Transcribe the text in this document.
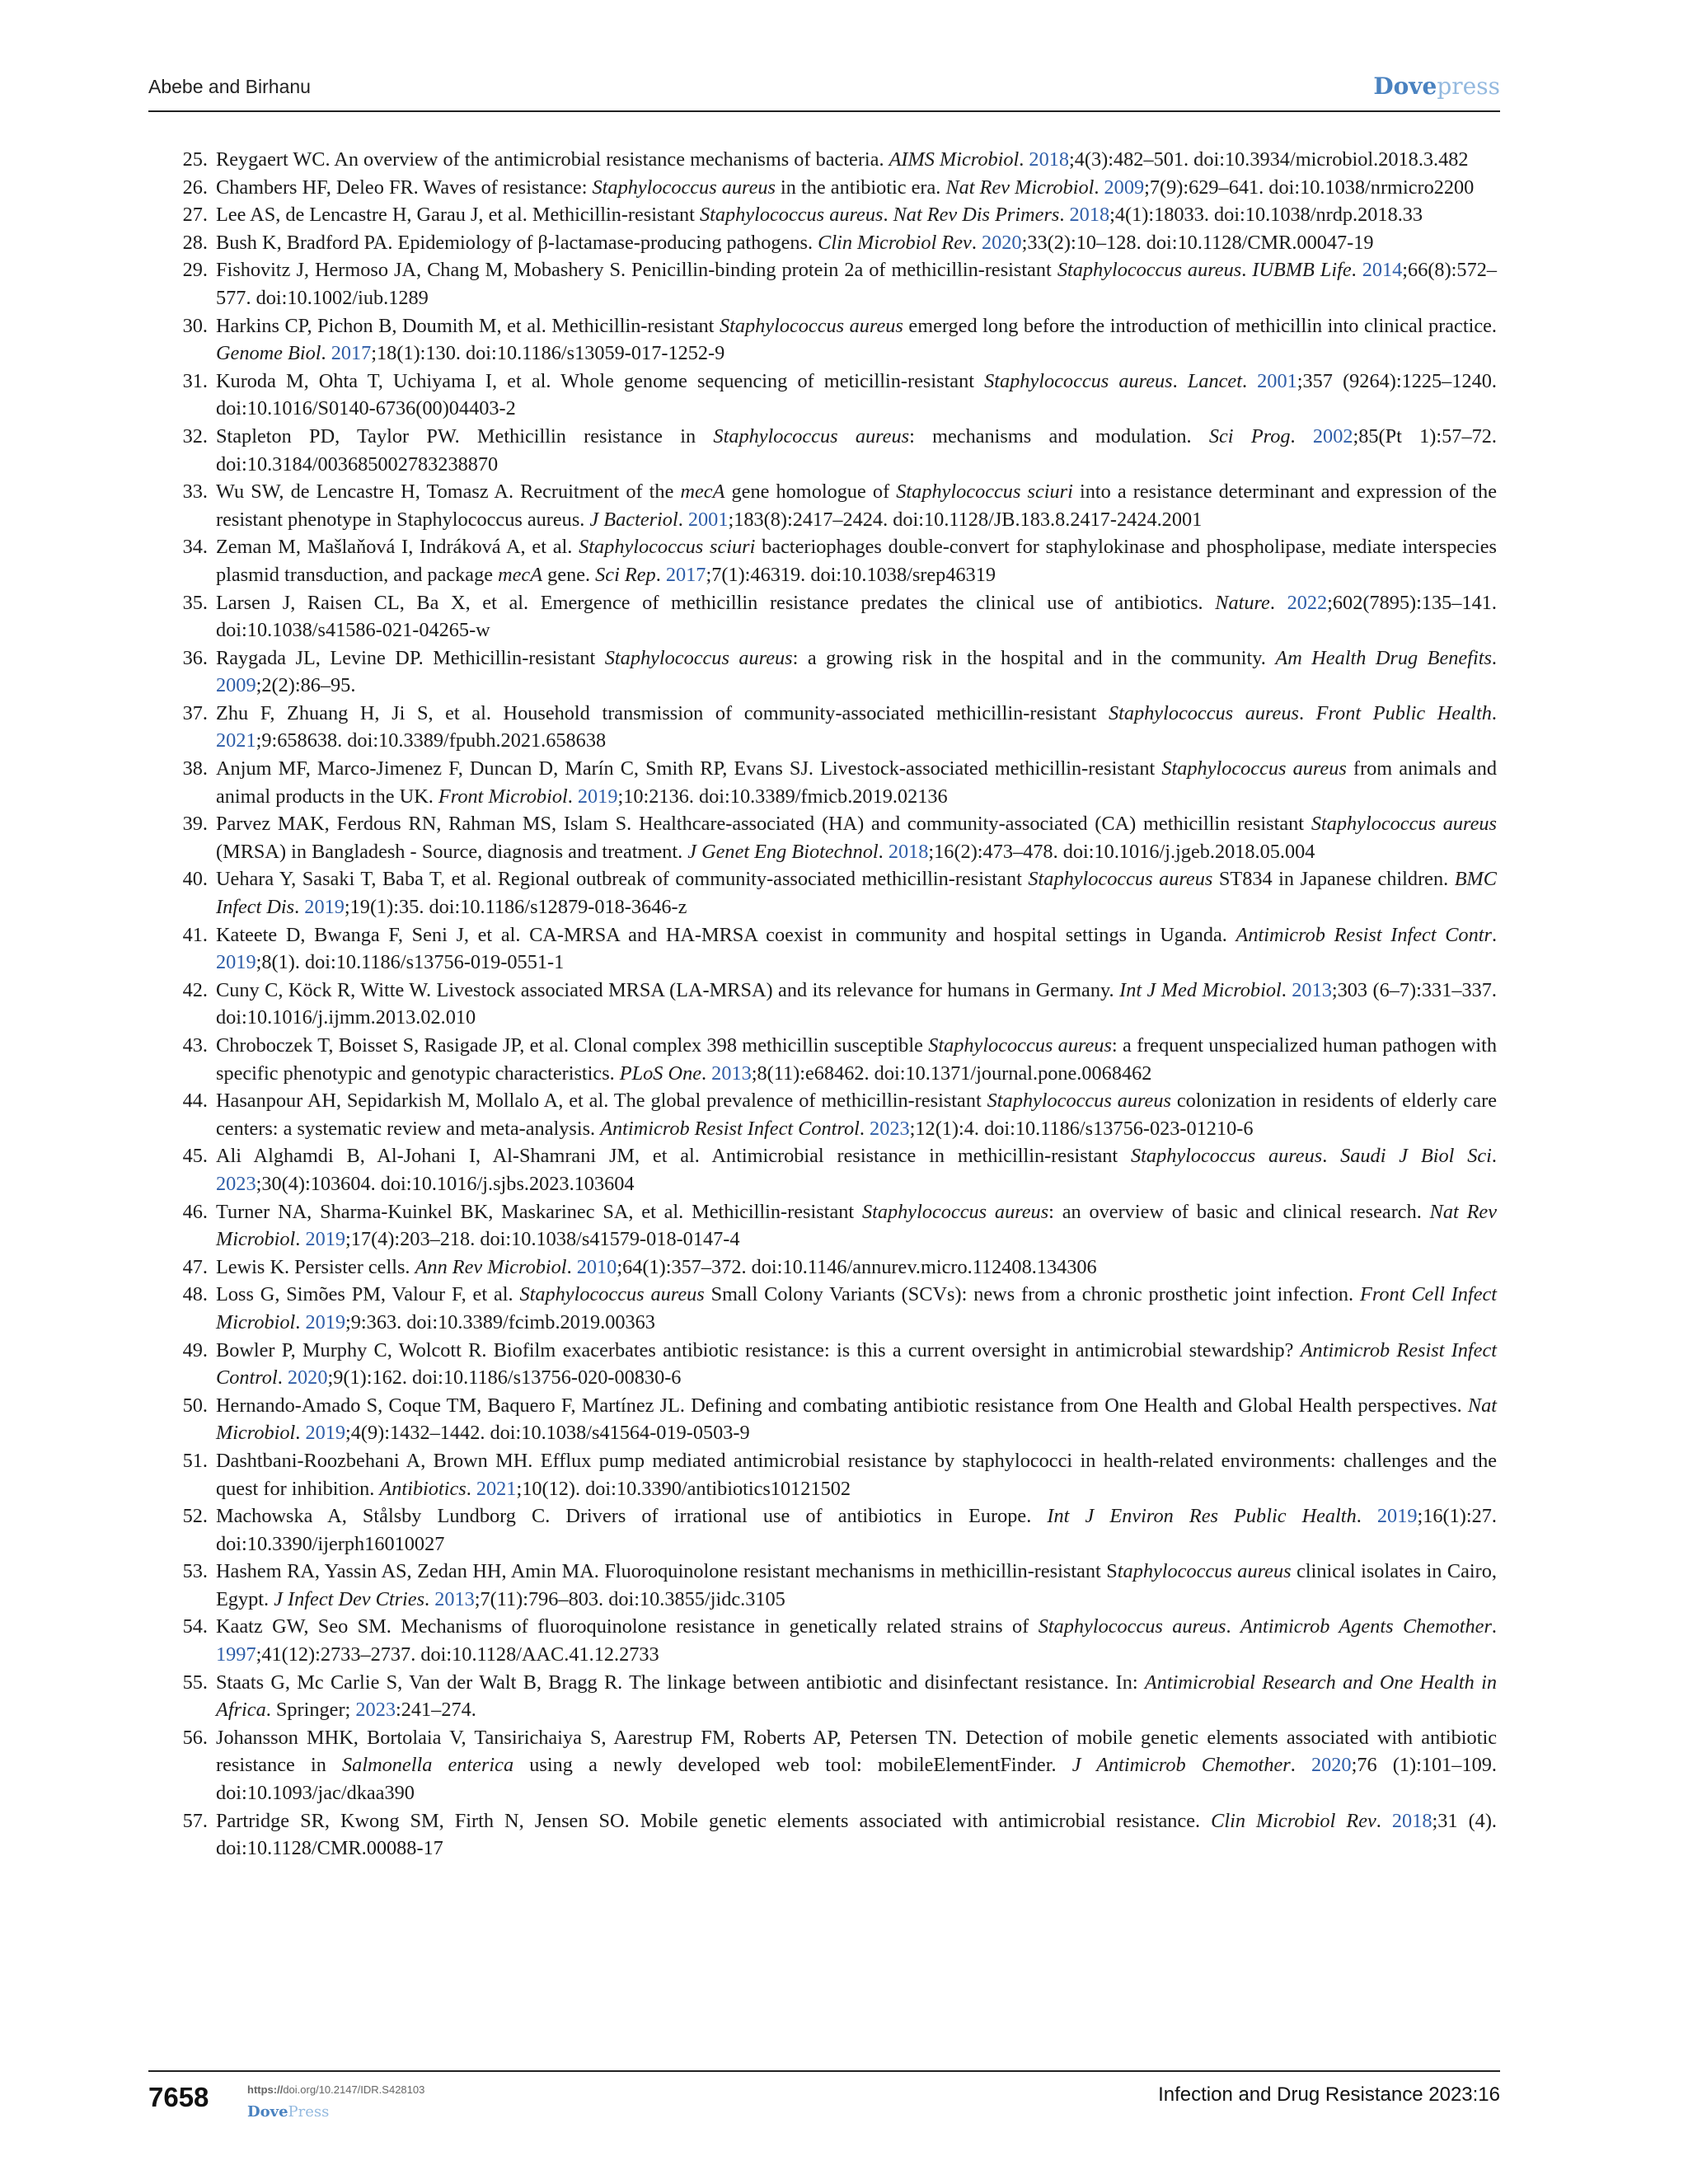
Abebe and Birhanu	Dovepress
25. Reygaert WC. An overview of the antimicrobial resistance mechanisms of bacteria. AIMS Microbiol. 2018;4(3):482–501. doi:10.3934/microbiol.2018.3.482
26. Chambers HF, Deleo FR. Waves of resistance: Staphylococcus aureus in the antibiotic era. Nat Rev Microbiol. 2009;7(9):629–641. doi:10.1038/nrmicro2200
27. Lee AS, de Lencastre H, Garau J, et al. Methicillin-resistant Staphylococcus aureus. Nat Rev Dis Primers. 2018;4(1):18033. doi:10.1038/nrdp.2018.33
28. Bush K, Bradford PA. Epidemiology of β-lactamase-producing pathogens. Clin Microbiol Rev. 2020;33(2):10–128. doi:10.1128/CMR.00047-19
29. Fishovitz J, Hermoso JA, Chang M, Mobashery S. Penicillin-binding protein 2a of methicillin-resistant Staphylococcus aureus. IUBMB Life. 2014;66(8):572–577. doi:10.1002/iub.1289
30. Harkins CP, Pichon B, Doumith M, et al. Methicillin-resistant Staphylococcus aureus emerged long before the introduction of methicillin into clinical practice. Genome Biol. 2017;18(1):130. doi:10.1186/s13059-017-1252-9
31. Kuroda M, Ohta T, Uchiyama I, et al. Whole genome sequencing of meticillin-resistant Staphylococcus aureus. Lancet. 2001;357 (9264):1225–1240. doi:10.1016/S0140-6736(00)04403-2
32. Stapleton PD, Taylor PW. Methicillin resistance in Staphylococcus aureus: mechanisms and modulation. Sci Prog. 2002;85(Pt 1):57–72. doi:10.3184/003685002783238870
33. Wu SW, de Lencastre H, Tomasz A. Recruitment of the mecA gene homologue of Staphylococcus sciuri into a resistance determinant and expression of the resistant phenotype in Staphylococcus aureus. J Bacteriol. 2001;183(8):2417–2424. doi:10.1128/JB.183.8.2417-2424.2001
34. Zeman M, Mašlaňová I, Indráková A, et al. Staphylococcus sciuri bacteriophages double-convert for staphylokinase and phospholipase, mediate interspecies plasmid transduction, and package mecA gene. Sci Rep. 2017;7(1):46319. doi:10.1038/srep46319
35. Larsen J, Raisen CL, Ba X, et al. Emergence of methicillin resistance predates the clinical use of antibiotics. Nature. 2022;602(7895):135–141. doi:10.1038/s41586-021-04265-w
36. Raygada JL, Levine DP. Methicillin-resistant Staphylococcus aureus: a growing risk in the hospital and in the community. Am Health Drug Benefits. 2009;2(2):86–95.
37. Zhu F, Zhuang H, Ji S, et al. Household transmission of community-associated methicillin-resistant Staphylococcus aureus. Front Public Health. 2021;9:658638. doi:10.3389/fpubh.2021.658638
38. Anjum MF, Marco-Jimenez F, Duncan D, Marín C, Smith RP, Evans SJ. Livestock-associated methicillin-resistant Staphylococcus aureus from animals and animal products in the UK. Front Microbiol. 2019;10:2136. doi:10.3389/fmicb.2019.02136
39. Parvez MAK, Ferdous RN, Rahman MS, Islam S. Healthcare-associated (HA) and community-associated (CA) methicillin resistant Staphylococcus aureus (MRSA) in Bangladesh - Source, diagnosis and treatment. J Genet Eng Biotechnol. 2018;16(2):473–478. doi:10.1016/j.jgeb.2018.05.004
40. Uehara Y, Sasaki T, Baba T, et al. Regional outbreak of community-associated methicillin-resistant Staphylococcus aureus ST834 in Japanese children. BMC Infect Dis. 2019;19(1):35. doi:10.1186/s12879-018-3646-z
41. Kateete D, Bwanga F, Seni J, et al. CA-MRSA and HA-MRSA coexist in community and hospital settings in Uganda. Antimicrob Resist Infect Contr. 2019;8(1). doi:10.1186/s13756-019-0551-1
42. Cuny C, Köck R, Witte W. Livestock associated MRSA (LA-MRSA) and its relevance for humans in Germany. Int J Med Microbiol. 2013;303 (6–7):331–337. doi:10.1016/j.ijmm.2013.02.010
43. Chroboczek T, Boisset S, Rasigade JP, et al. Clonal complex 398 methicillin susceptible Staphylococcus aureus: a frequent unspecialized human pathogen with specific phenotypic and genotypic characteristics. PLoS One. 2013;8(11):e68462. doi:10.1371/journal.pone.0068462
44. Hasanpour AH, Sepidarkish M, Mollalo A, et al. The global prevalence of methicillin-resistant Staphylococcus aureus colonization in residents of elderly care centers: a systematic review and meta-analysis. Antimicrob Resist Infect Control. 2023;12(1):4. doi:10.1186/s13756-023-01210-6
45. Ali Alghamdi B, Al-Johani I, Al-Shamrani JM, et al. Antimicrobial resistance in methicillin-resistant Staphylococcus aureus. Saudi J Biol Sci. 2023;30(4):103604. doi:10.1016/j.sjbs.2023.103604
46. Turner NA, Sharma-Kuinkel BK, Maskarinec SA, et al. Methicillin-resistant Staphylococcus aureus: an overview of basic and clinical research. Nat Rev Microbiol. 2019;17(4):203–218. doi:10.1038/s41579-018-0147-4
47. Lewis K. Persister cells. Ann Rev Microbiol. 2010;64(1):357–372. doi:10.1146/annurev.micro.112408.134306
48. Loss G, Simões PM, Valour F, et al. Staphylococcus aureus Small Colony Variants (SCVs): news from a chronic prosthetic joint infection. Front Cell Infect Microbiol. 2019;9:363. doi:10.3389/fcimb.2019.00363
49. Bowler P, Murphy C, Wolcott R. Biofilm exacerbates antibiotic resistance: is this a current oversight in antimicrobial stewardship? Antimicrob Resist Infect Control. 2020;9(1):162. doi:10.1186/s13756-020-00830-6
50. Hernando-Amado S, Coque TM, Baquero F, Martínez JL. Defining and combating antibiotic resistance from One Health and Global Health perspectives. Nat Microbiol. 2019;4(9):1432–1442. doi:10.1038/s41564-019-0503-9
51. Dashtbani-Roozbehani A, Brown MH. Efflux pump mediated antimicrobial resistance by staphylococci in health-related environments: challenges and the quest for inhibition. Antibiotics. 2021;10(12). doi:10.3390/antibiotics10121502
52. Machowska A, Stålsby Lundborg C. Drivers of irrational use of antibiotics in Europe. Int J Environ Res Public Health. 2019;16(1):27. doi:10.3390/ijerph16010027
53. Hashem RA, Yassin AS, Zedan HH, Amin MA. Fluoroquinolone resistant mechanisms in methicillin-resistant Staphylococcus aureus clinical isolates in Cairo, Egypt. J Infect Dev Ctries. 2013;7(11):796–803. doi:10.3855/jidc.3105
54. Kaatz GW, Seo SM. Mechanisms of fluoroquinolone resistance in genetically related strains of Staphylococcus aureus. Antimicrob Agents Chemother. 1997;41(12):2733–2737. doi:10.1128/AAC.41.12.2733
55. Staats G, Mc Carlie S, Van der Walt B, Bragg R. The linkage between antibiotic and disinfectant resistance. In: Antimicrobial Research and One Health in Africa. Springer; 2023:241–274.
56. Johansson MHK, Bortolaia V, Tansirichaiya S, Aarestrup FM, Roberts AP, Petersen TN. Detection of mobile genetic elements associated with antibiotic resistance in Salmonella enterica using a newly developed web tool: mobileElementFinder. J Antimicrob Chemother. 2020;76 (1):101–109. doi:10.1093/jac/dkaa390
57. Partridge SR, Kwong SM, Firth N, Jensen SO. Mobile genetic elements associated with antimicrobial resistance. Clin Microbiol Rev. 2018;31 (4). doi:10.1128/CMR.00088-17
7658	https://doi.org/10.2147/IDR.S428103
DovePress
Infection and Drug Resistance 2023:16
